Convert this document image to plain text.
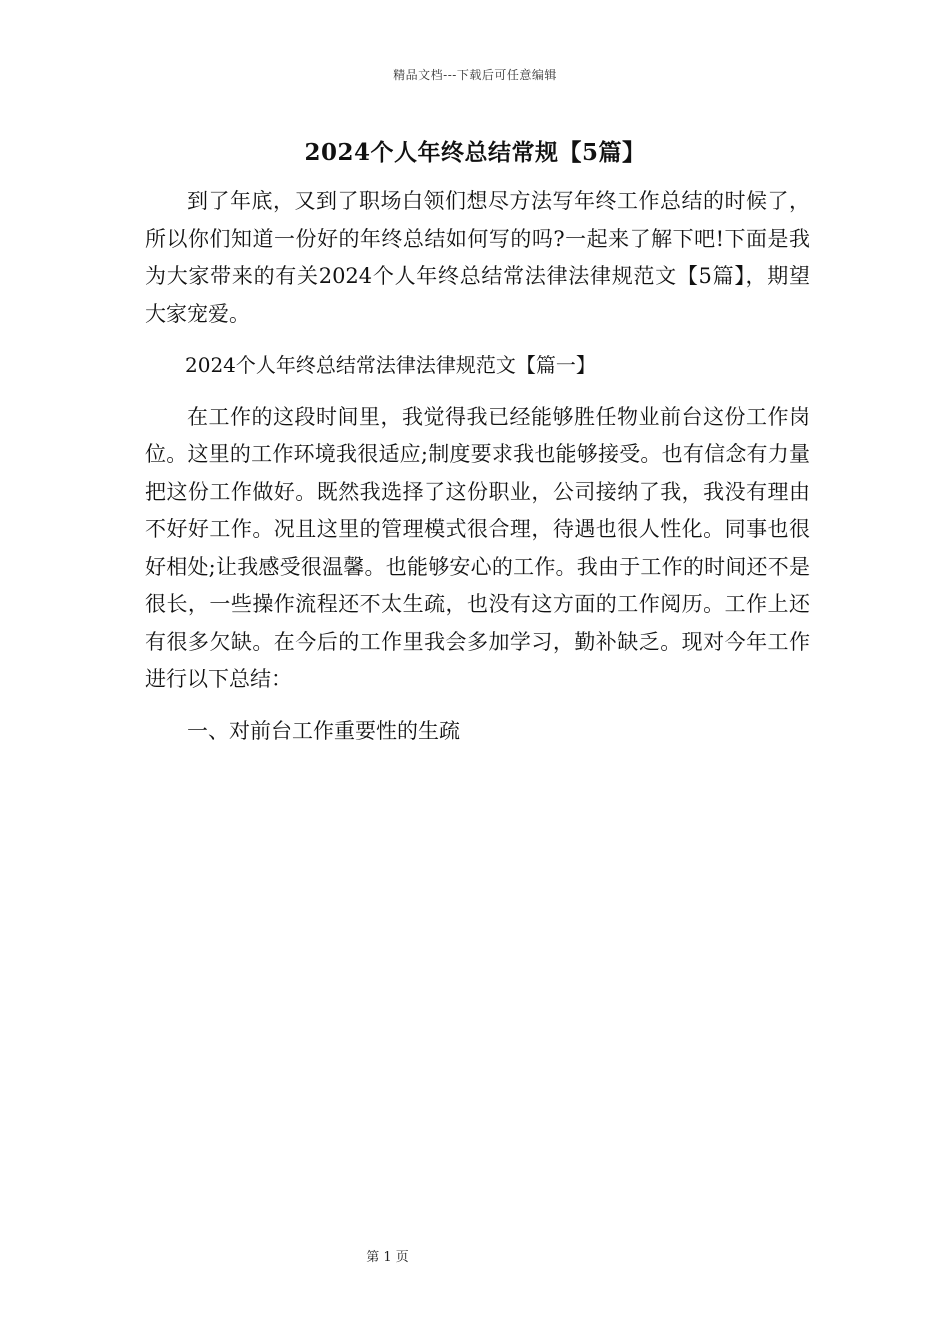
精品文档---下载后可任意编辑
2024个人年终总结常规【5篇】

到了年底，又到了职场白领们想尽方法写年终工作总结的时候了，所以你们知道一份好的年终总结如何写的吗?一起来了解下吧!下面是我为大家带来的有关2024个人年终总结常法律法律规范文【5篇】，期望大家宠爱。

2024个人年终总结常法律法律规范文【篇一】

在工作的这段时间里，我觉得我已经能够胜任物业前台这份工作岗位。这里的工作环境我很适应;制度要求我也能够接受。也有信念有力量把这份工作做好。既然我选择了这份职业，公司接纳了我，我没有理由不好好工作。况且这里的管理模式很合理，待遇也很人性化。同事也很好相处;让我感受很温馨。也能够安心的工作。我由于工作的时间还不是很长，一些操作流程还不太生疏，也没有这方面的工作阅历。工作上还有很多欠缺。在今后的工作里我会多加学习，勤补缺乏。现对今年工作进行以下总结：

一、对前台工作重要性的生疏

第 1 页
